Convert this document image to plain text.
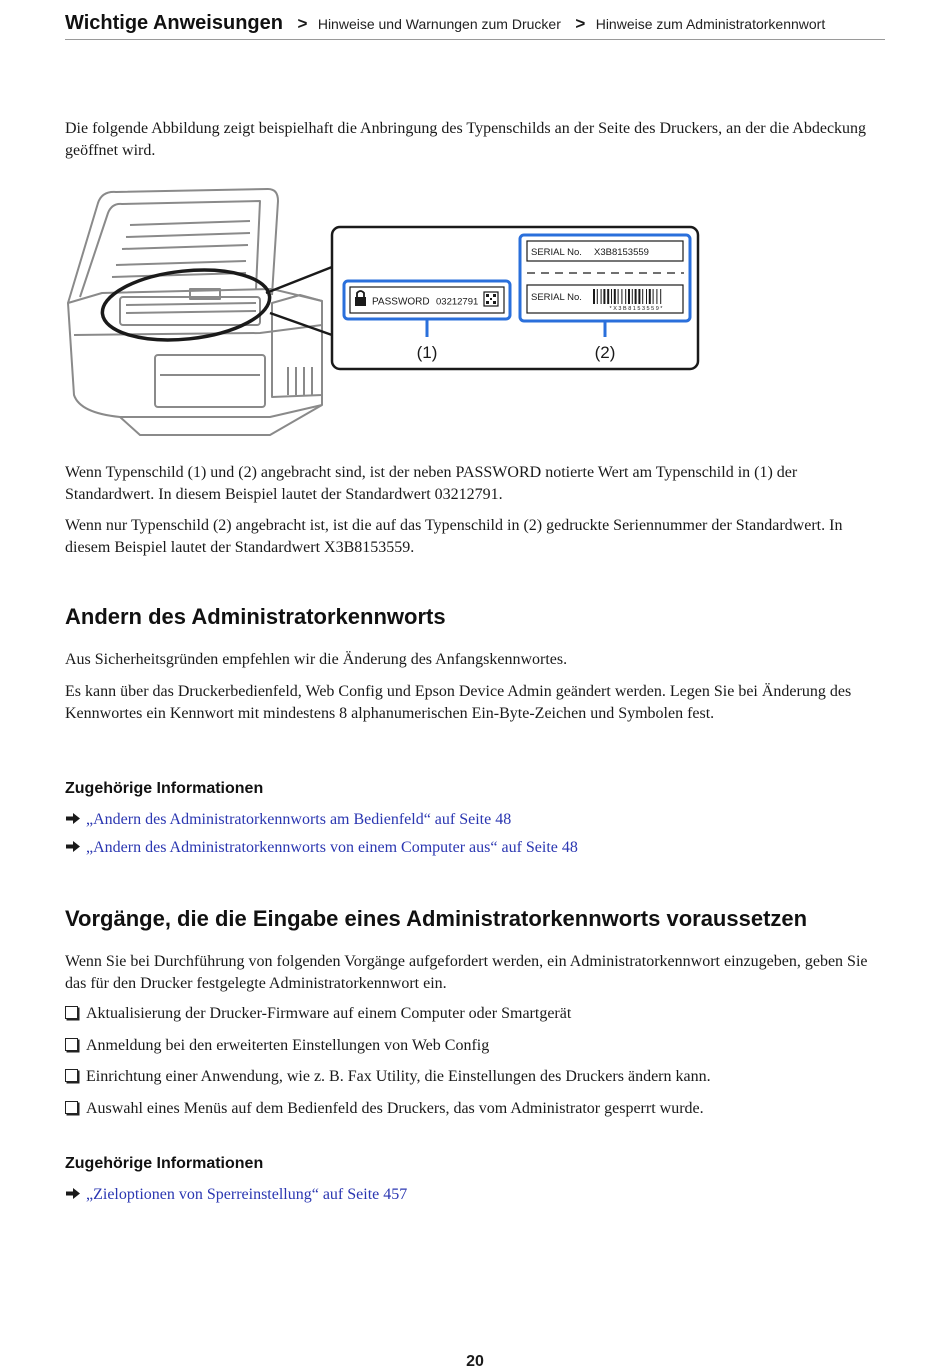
Wichtige Anweisungen > Hinweise und Warnungen zum Drucker > Hinweise zum Administratorkennwort

Die folgende Abbildung zeigt beispielhaft die Anbringung des Typenschilds an der Seite des Druckers, an der die Abdeckung geöffnet wird.

PASSWORD 03212791
(1)
SERIAL No. X3B8153559
SERIAL No.
* X 3 B 8 1 5 3 5 5 9 *
(2)

Wenn Typenschild (1) und (2) angebracht sind, ist der neben PASSWORD notierte Wert am Typenschild in (1) der Standardwert. In diesem Beispiel lautet der Standardwert 03212791.

Wenn nur Typenschild (2) angebracht ist, ist die auf das Typenschild in (2) gedruckte Seriennummer der Standardwert. In diesem Beispiel lautet der Standardwert X3B8153559.

Andern des Administratorkennworts

Aus Sicherheitsgründen empfehlen wir die Änderung des Anfangskennwortes.

Es kann über das Druckerbedienfeld, Web Config und Epson Device Admin geändert werden. Legen Sie bei Änderung des Kennwortes ein Kennwort mit mindestens 8 alphanumerischen Ein-Byte-Zeichen und Symbolen fest.

Zugehörige Informationen
„Andern des Administratorkennworts am Bedienfeld“ auf Seite 48
„Andern des Administratorkennworts von einem Computer aus“ auf Seite 48
Vorgänge, die die Eingabe eines Administratorkennworts voraussetzen

Wenn Sie bei Durchführung von folgenden Vorgänge aufgefordert werden, ein Administratorkennwort einzugeben, geben Sie das für den Drucker festgelegte Administratorkennwort ein.

Aktualisierung der Drucker-Firmware auf einem Computer oder Smartgerät
Anmeldung bei den erweiterten Einstellungen von Web Config
Einrichtung einer Anwendung, wie z. B. Fax Utility, die Einstellungen des Druckers ändern kann.
Auswahl eines Menüs auf dem Bedienfeld des Druckers, das vom Administrator gesperrt wurde.
Zugehörige Informationen
„Zieloptionen von Sperreinstellung“ auf Seite 457
20
